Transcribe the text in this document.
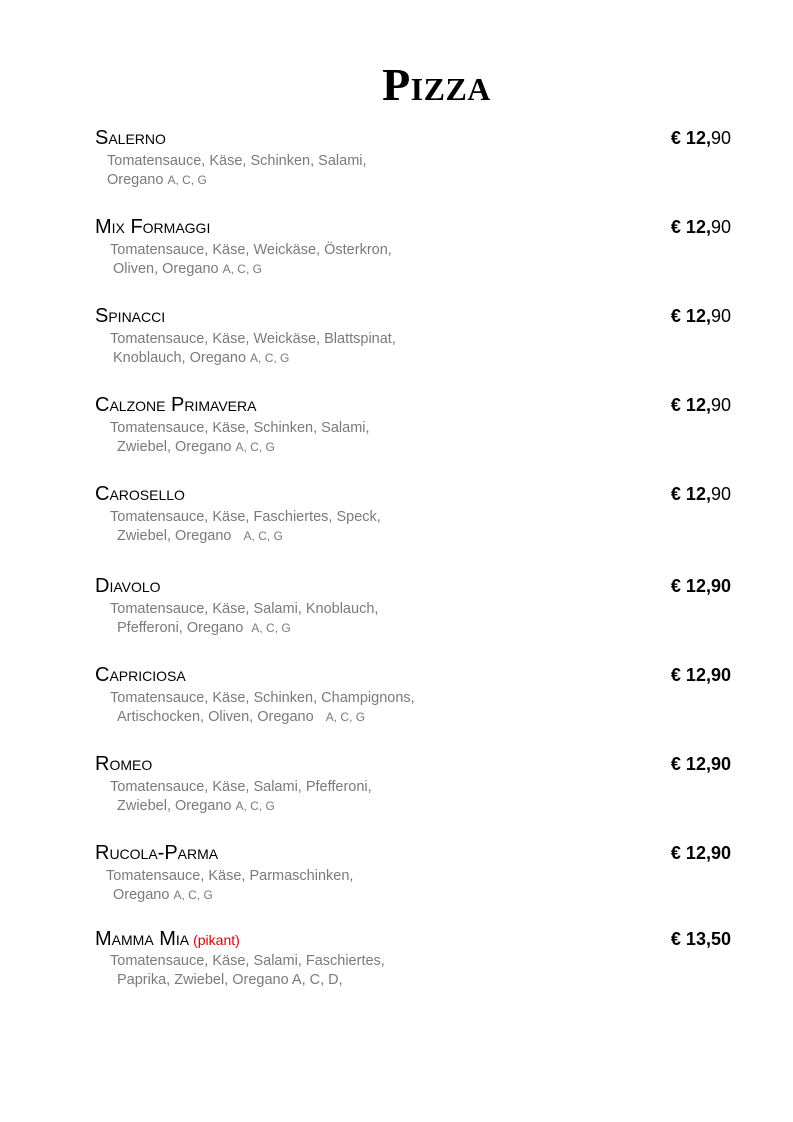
Pizza
Salerno	€ 12,90
Tomatensauce, Käse, Schinken, Salami,
Oregano A, C, G
Mix Formaggi	€ 12,90
Tomatensauce, Käse, Weickäse, Österkron,
Oliven, Oregano A, C, G
Spinacci	€ 12,90
Tomatensauce, Käse, Weickäse, Blattspinat,
Knoblauch, Oregano A, C, G
Calzone Primavera	€ 12,90
Tomatensauce, Käse, Schinken, Salami,
Zwiebel, Oregano A, C, G
Carosello	€ 12,90
Tomatensauce, Käse, Faschiertes, Speck,
Zwiebel, Oregano A, C, G
Diavolo	€ 12,90
Tomatensauce, Käse, Salami, Knoblauch,
Pfefferoni, Oregano A, C, G
Capriciosa	€ 12,90
Tomatensauce, Käse, Schinken, Champignons,
Artischocken, Oliven, Oregano A, C, G
Romeo	€ 12,90
Tomatensauce, Käse, Salami, Pfefferoni,
Zwiebel, Oregano A, C, G
Rucola-Parma	€ 12,90
Tomatensauce, Käse, Parmaschinken,
Oregano A, C, G
Mamma Mia (pikant)	€ 13,50
Tomatensauce, Käse, Salami, Faschiertes,
Paprika, Zwiebel, Oregano A, C, D,
